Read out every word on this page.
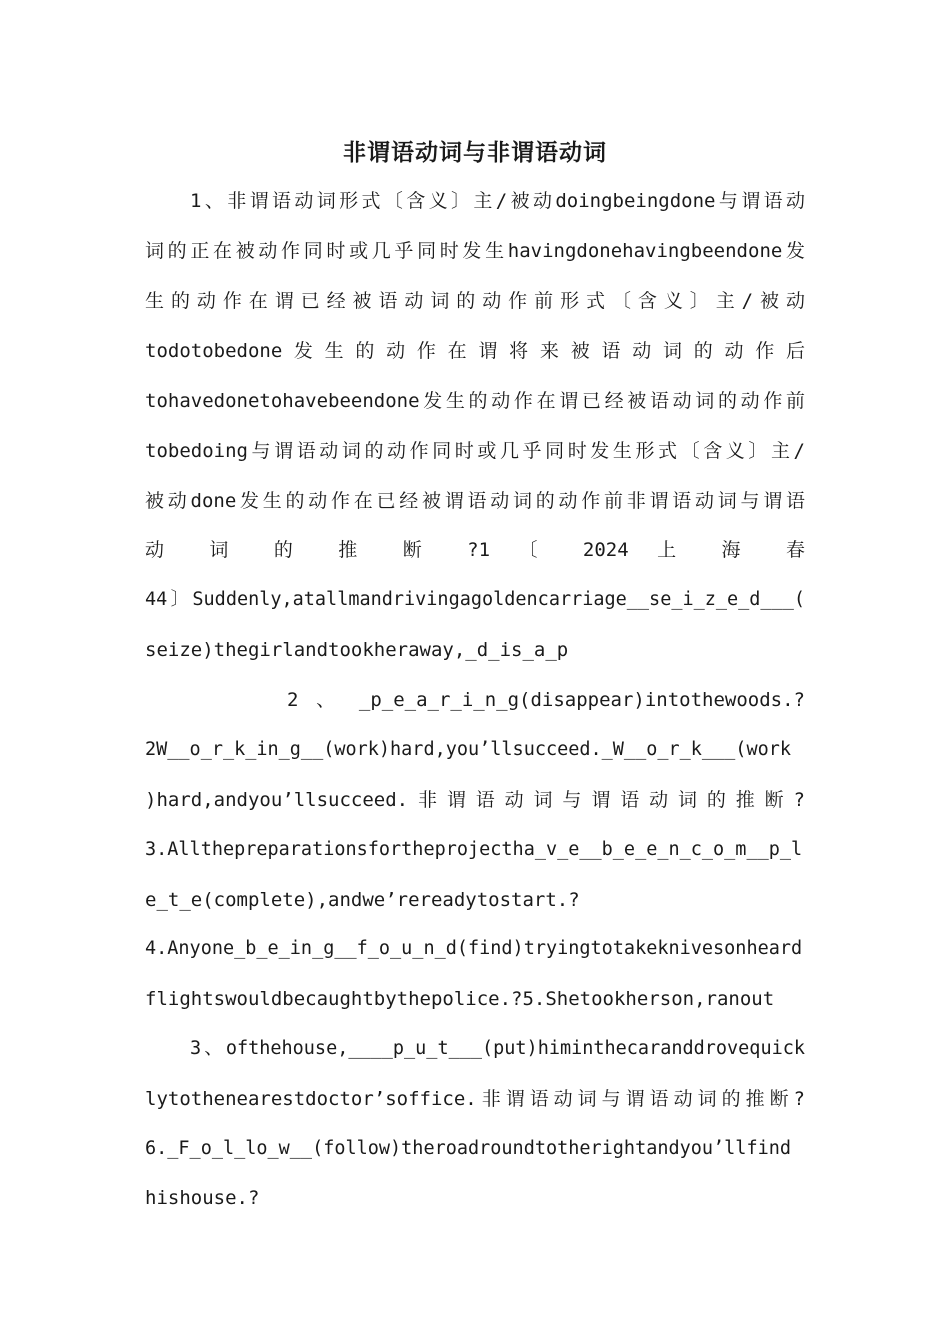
非谓语动词与非谓语动词
1、非谓语动词形式〔含义〕主/被动doingbeingdone与谓语动
词的正在被动作同时或几乎同时发生havingdonehavingbeendone发
生的动作在谓已经被语动词的动作前形式〔含义〕主/被动
todotobedone 发 生 的 动 作 在 谓 将 来 被 语 动 词 的 动 作 后
tohavedonetohavebeendone发生的动作在谓已经被语动词的动作前
tobedoing与谓语动词的动作同时或几乎同时发生形式〔含义〕主/
被动done发生的动作在已经被谓语动词的动作前非谓语动词与谓语
动 词 的 推 断 ?1 〔 2024 上 海 春
44〕Suddenly,atallmandrivingagoldencarriage__se_i_z_e_d___(
seize)thegirlandtookheraway,_d_is_a_p
2 、 _p_e_a_r_i_n_g(disappear)intothewoods.?
2W__o_r_k_in_g__(work)hard,you’llsucceed._W__o_r_k___(work
)hard,andyou’llsucceed.非谓语动词与谓语动词的推断?
3.Allthepreparationsfortheprojectha_v_e__b_e_e_n_c_o_m__p_l
e_t_e(complete),andwe’rereadytostart.?
4.Anyone_b_e_in_g__f_o_u_n_d(find)tryingtotakeknivesonheard
flightswouldbecaughtbythepolice.?5.Shetookherson,ranout
3、ofthehouse,____p_u_t___(put)himinthecaranddrovequick
lytothenearestdoctor’soffice.非谓语动词与谓语动词的推断?
6._F_o_l_lo_w__(follow)theroadroundtotherightandyou’llfind
hishouse.?
